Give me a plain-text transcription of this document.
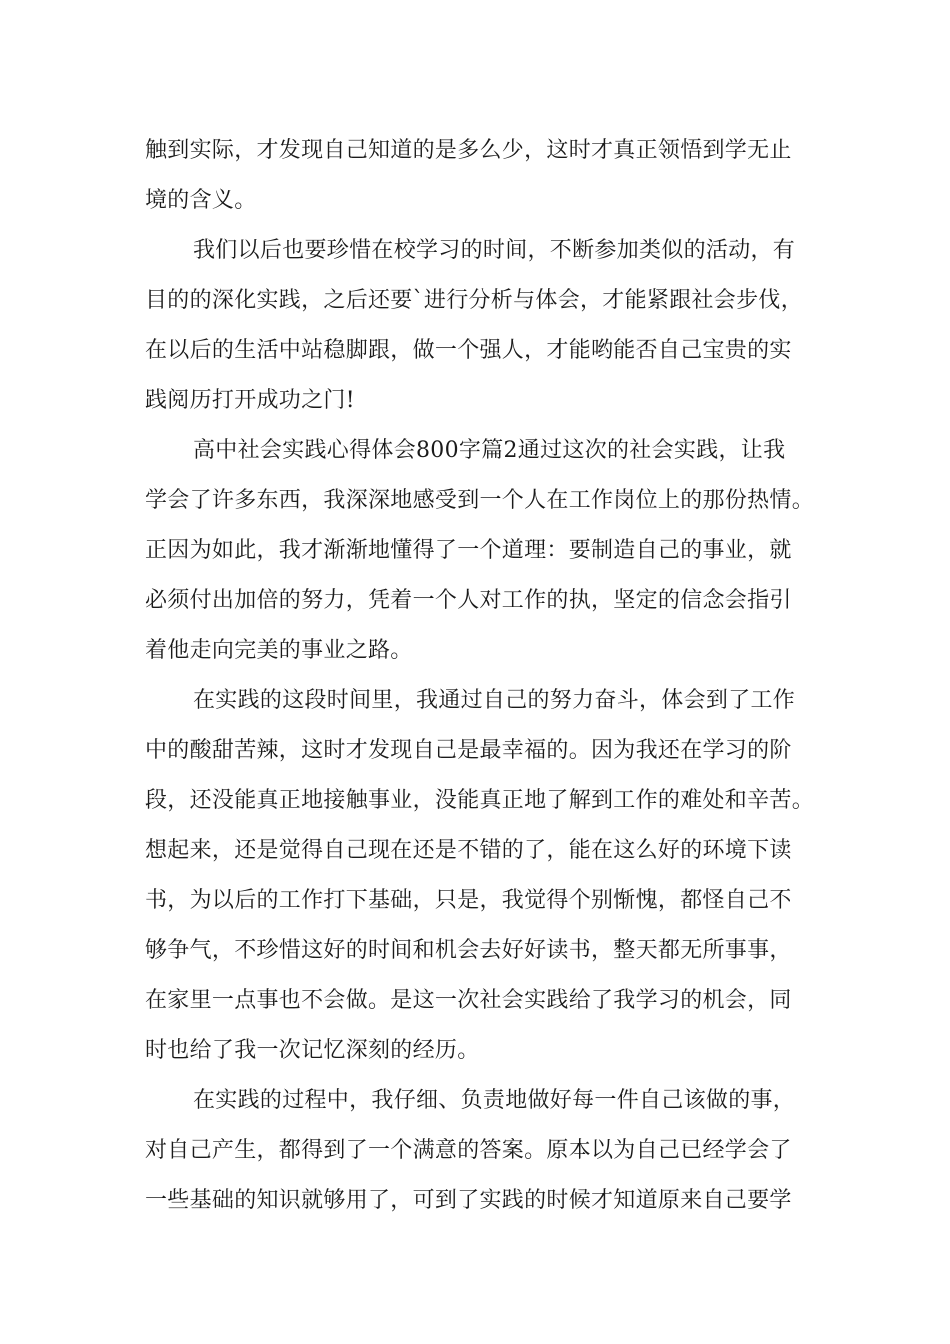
触到实际，才发现自己知道的是多么少，这时才真正领悟到学无止
境的含义。
我们以后也要珍惜在校学习的时间，不断参加类似的活动，有
目的的深化实践，之后还要`进行分析与体会，才能紧跟社会步伐，
在以后的生活中站稳脚跟，做一个强人，才能哟能否自己宝贵的实
践阅历打开成功之门!
高中社会实践心得体会800字篇2通过这次的社会实践，让我
学会了许多东西，我深深地感受到一个人在工作岗位上的那份热情。
正因为如此，我才渐渐地懂得了一个道理：要制造自己的事业，就
必须付出加倍的努力，凭着一个人对工作的执，坚定的信念会指引
着他走向完美的事业之路。
在实践的这段时间里，我通过自己的努力奋斗，体会到了工作
中的酸甜苦辣，这时才发现自己是最幸福的。因为我还在学习的阶
段，还没能真正地接触事业，没能真正地了解到工作的难处和辛苦。
想起来，还是觉得自己现在还是不错的了，能在这么好的环境下读
书，为以后的工作打下基础，只是，我觉得个别惭愧，都怪自己不
够争气，不珍惜这好的时间和机会去好好读书，整天都无所事事，
在家里一点事也不会做。是这一次社会实践给了我学习的机会，同
时也给了我一次记忆深刻的经历。
在实践的过程中，我仔细、负责地做好每一件自己该做的事，
对自己产生，都得到了一个满意的答案。原本以为自己已经学会了
一些基础的知识就够用了，可到了实践的时候才知道原来自己要学
